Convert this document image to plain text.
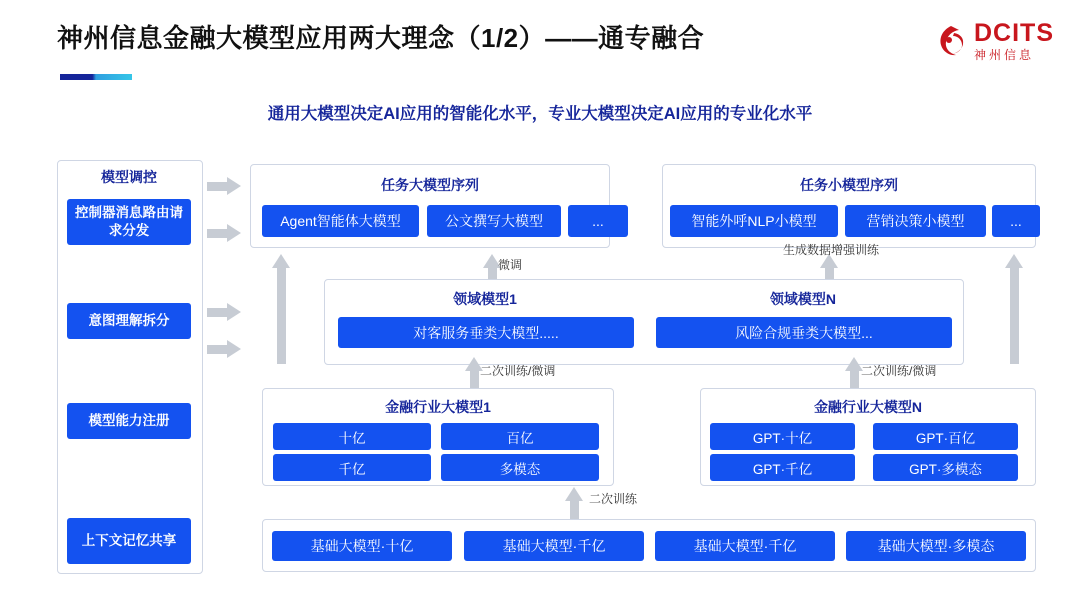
神州信息金融大模型应用两大理念（1/2）——通专融合	DCITS
神州信息
通用大模型决定AI应用的智能化水平，专业大模型决定AI应用的专业化水平
模型调控
控制器消息路由请求分发
意图理解拆分
模型能力注册
上下文记忆共享
任务大模型序列
Agent智能体大模型	公文撰写大模型	...
任务小模型序列
智能外呼NLP小模型	营销决策小模型	...
微调
生成数据增强训练
领域模型1	领域模型N
对客服务垂类大模型.....	风险合规垂类大模型...
二次训练/微调	二次训练/微调
金融行业大模型1
十亿	百亿
千亿	多模态
金融行业大模型N
GPT·十亿	GPT·百亿
GPT·千亿	GPT·多模态
二次训练
基础大模型·十亿	基础大模型·千亿	基础大模型·千亿	基础大模型·多模态
